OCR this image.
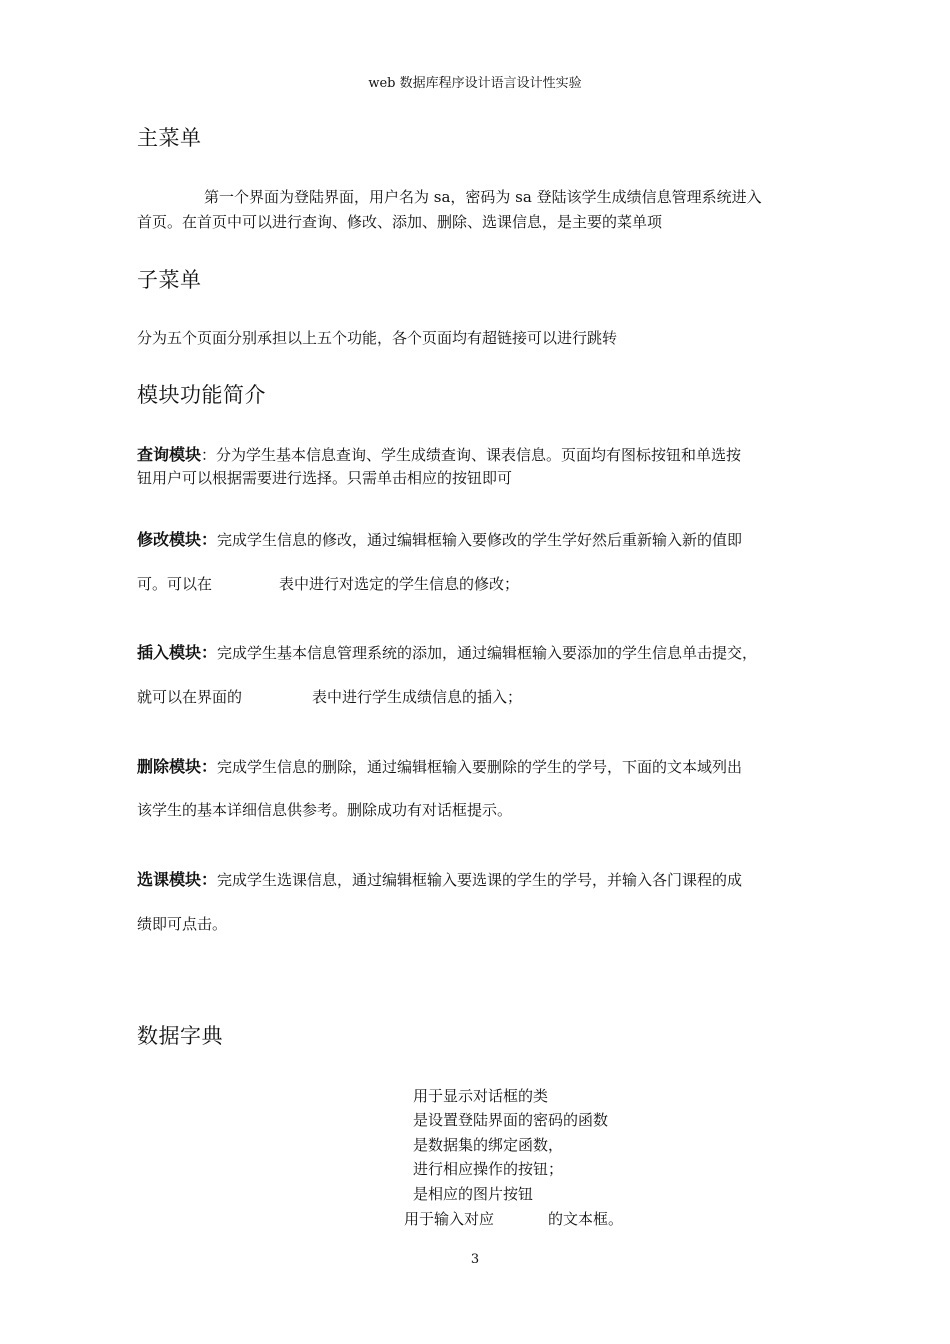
web 数据库程序设计语言设计性实验
主菜单
第一个界面为登陆界面，用户名为 sa，密码为 sa 登陆该学生成绩信息管理系统进入
首页。在首页中可以进行查询、修改、添加、删除、选课信息，是主要的菜单项
子菜单
分为五个页面分别承担以上五个功能，各个页面均有超链接可以进行跳转
模块功能简介
查询模块：分为学生基本信息查询、学生成绩查询、课表信息。页面均有图标按钮和单选按
钮用户可以根据需要进行选择。只需单击相应的按钮即可
修改模块：完成学生信息的修改，通过编辑框输入要修改的学生学好然后重新输入新的值即
可。可以在	表中进行对选定的学生信息的修改；
插入模块：完成学生基本信息管理系统的添加，通过编辑框输入要添加的学生信息单击提交，
就可以在界面的	表中进行学生成绩信息的插入；
删除模块：完成学生信息的删除，通过编辑框输入要删除的学生的学号，下面的文本域列出
该学生的基本详细信息供参考。删除成功有对话框提示。
选课模块：完成学生选课信息，通过编辑框输入要选课的学生的学号，并输入各门课程的成
绩即可点击。
数据字典
用于显示对话框的类
是设置登陆界面的密码的函数
是数据集的绑定函数，
进行相应操作的按钮；
是相应的图片按钮
用于输入对应	的文本框。
3
